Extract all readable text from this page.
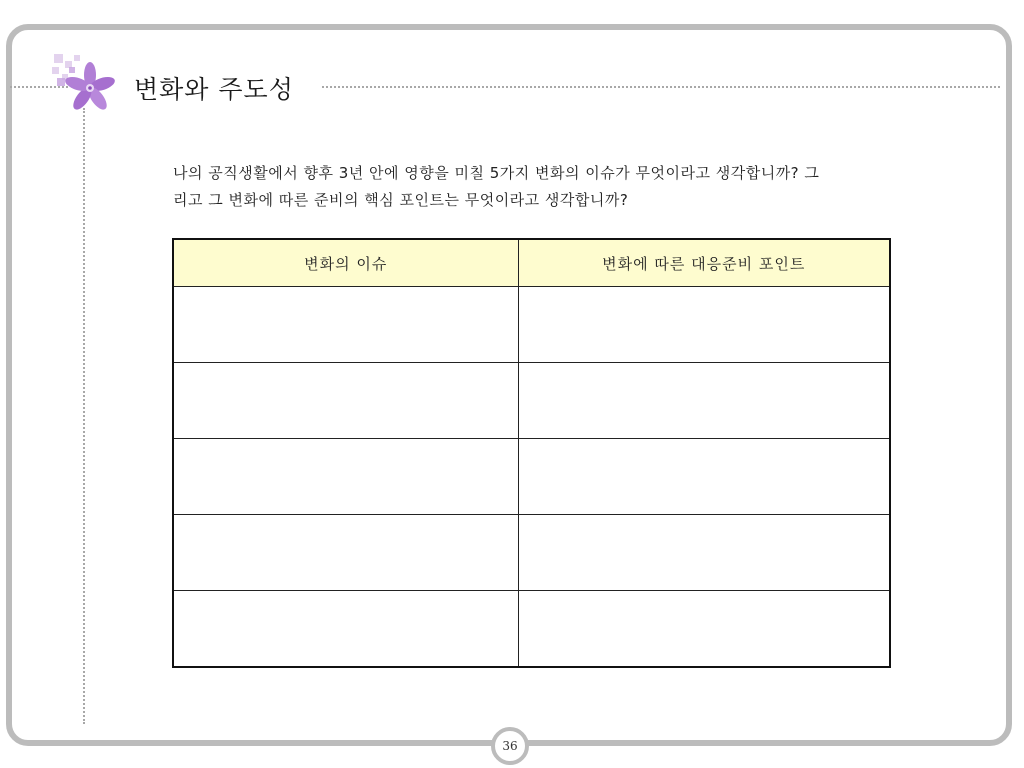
변화와 주도성

나의 공직생활에서 향후 3년 안에 영향을 미칠 5가지 변화의 이슈가 무엇이라고 생각합니까? 그

리고 그 변화에 따른 준비의 핵심 포인트는 무엇이라고 생각합니까?

변화의 이슈	변화에 따른 대응준비 포인트

36
